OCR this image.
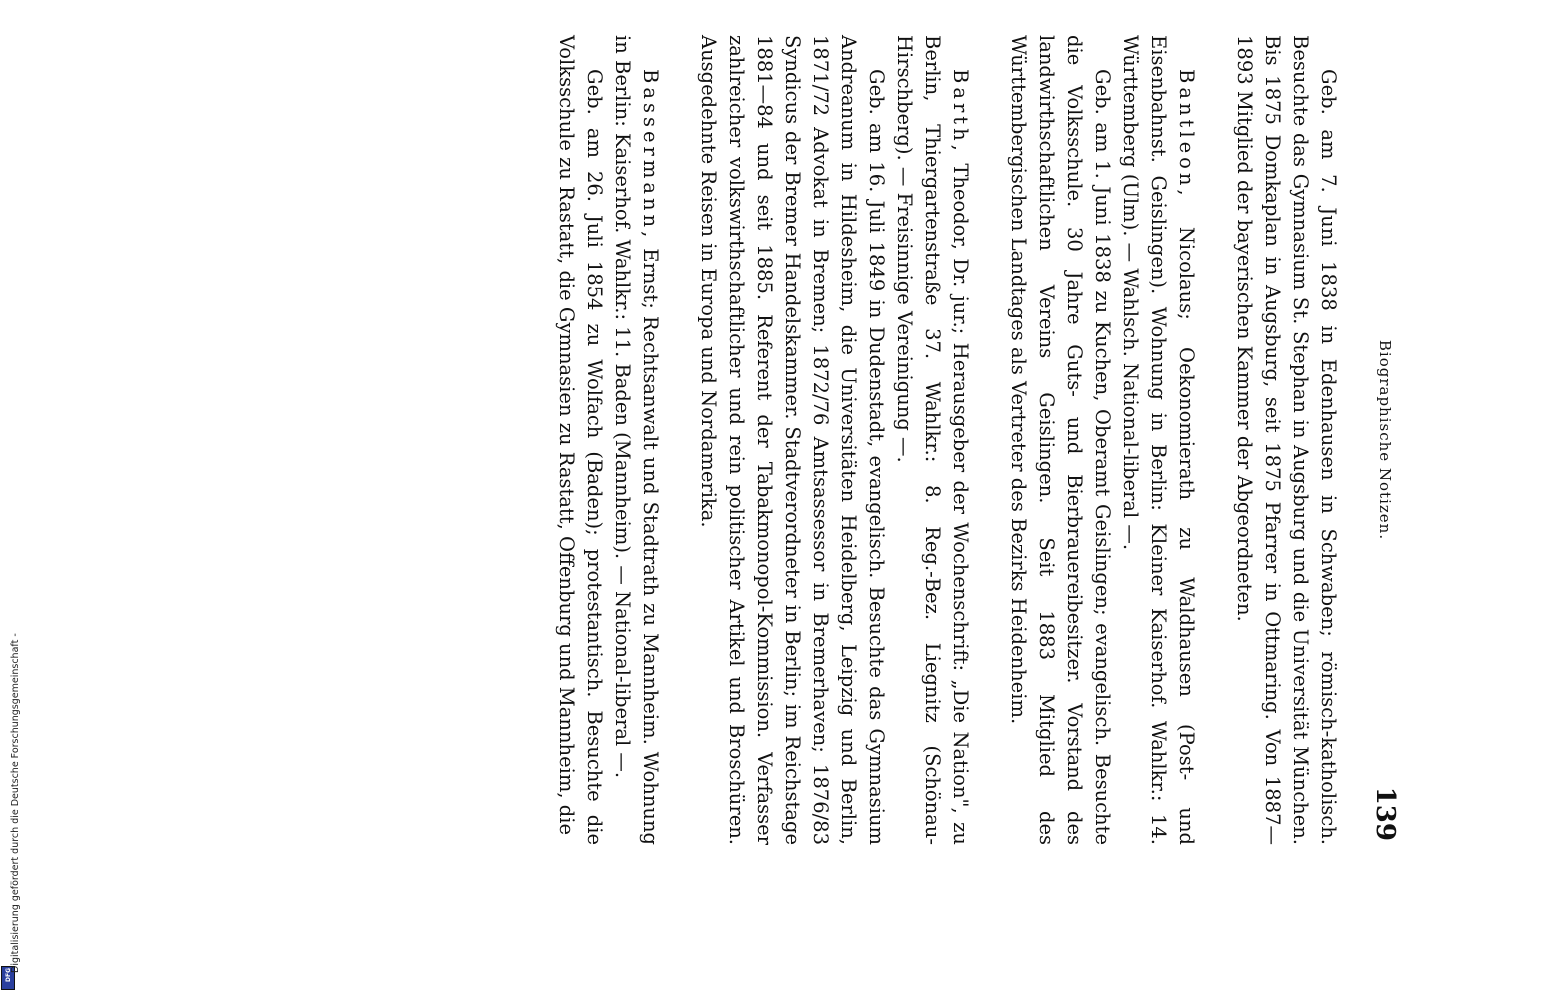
DFG
Digitalisierung gefördert durch die Deutsche Forschungsgemeinschaft -
Biographische Notizen.
139

Geb. am 7. Juni 1838 in Edenhausen in Schwaben; römisch-katholisch. Besuchte das Gymnasium St. Stephan in Augsburg und die Universität München. Bis 1875 Domkaplan in Augsburg, seit 1875 Pfarrer in Ottmaring. Von 1887—1893 Mitglied der bayerischen Kammer der Abgeordneten.

Bantleon, Nicolaus; Oekonomierath zu Waldhausen (Post- und Eisenbahnst. Geislingen). Wohnung in Berlin: Kleiner Kaiserhof. Wahlkr.: 14. Württemberg (Ulm). — Wahlsch. National-liberal —.

Geb. am 1. Juni 1838 zu Kuchen, Oberamt Geislingen; evangelisch. Besuchte die Volksschule. 30 Jahre Guts- und Bierbrauereibesitzer. Vorstand des landwirthschaftlichen Vereins Geislingen. Seit 1883 Mitglied des Württembergischen Landtages als Vertreter des Bezirks Heidenheim.

Barth, Theodor, Dr. jur.; Herausgeber der Wochenschrift: „Die Nation", zu Berlin, Thiergartenstraße 37. Wahlkr.: 8. Reg.-Bez. Liegnitz (Schönau-Hirschberg). — Freisinnige Vereinigung —.

Geb. am 16. Juli 1849 in Dudenstadt, evangelisch. Besuchte das Gymnasium Andreanum in Hildesheim, die Universitäten Heidelberg, Leipzig und Berlin, 1871/72 Advokat in Bremen; 1872/76 Amtsassessor in Bremerhaven; 1876/83 Syndicus der Bremer Handelskammer. Stadtverordneter in Berlin; im Reichstage 1881—84 und seit 1885. Referent der Tabakmonopol-Kommission. Verfasser zahlreicher volkswirthschaftlicher und rein politischer Artikel und Broschüren. Ausgedehnte Reisen in Europa und Nordamerika.

Bassermann, Ernst; Rechtsanwalt und Stadtrath zu Mannheim. Wohnung in Berlin: Kaiserhof. Wahlkr.: 11. Baden (Mannheim). — National-liberal —.

Geb. am 26. Juli 1854 zu Wolfach (Baden); protestantisch. Besuchte die Volksschule zu Rastatt, die Gymnasien zu Rastatt, Offenburg und Mannheim, die
